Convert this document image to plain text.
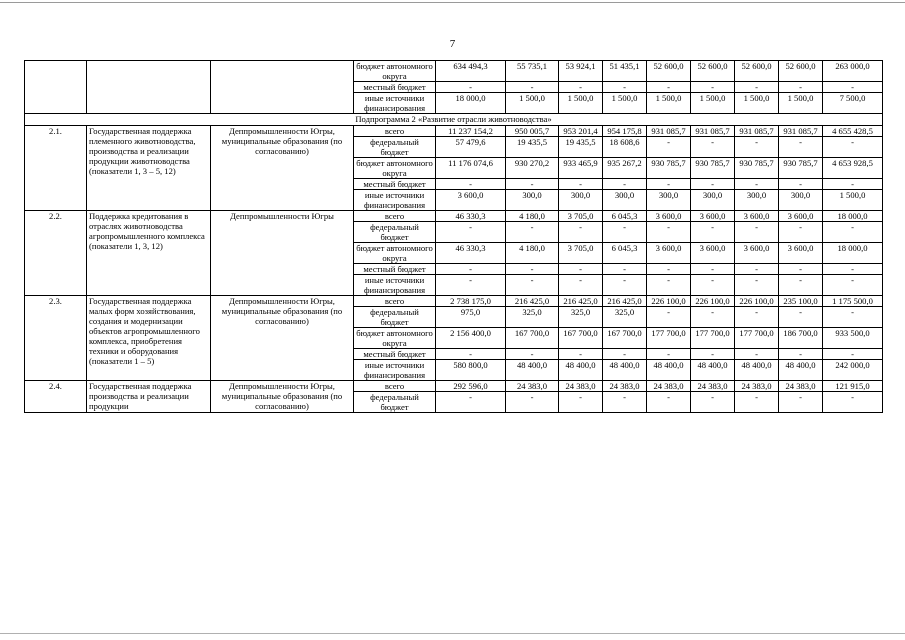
7
			бюджет автономного округа	634 494,3	55 735,1	53 924,1	51 435,1	52 600,0	52 600,0	52 600,0	52 600,0	263 000,0
			местный бюджет	-	-	-	-	-	-	-	-	-
			иные источники финансирования	18 000,0	1 500,0	1 500,0	1 500,0	1 500,0	1 500,0	1 500,0	1 500,0	7 500,0
Подпрограмма 2 «Развитие отрасли животноводства»												
2.1.	Государственная поддержка племенного животноводства, производства и реализации продукции животноводства (показатели 1, 3 – 5, 12)	Деппромышленности Югры, муниципальные образования (по согласованию)	всего	11 237 154,2	950 005,7	953 201,4	954 175,8	931 085,7	931 085,7	931 085,7	931 085,7	4 655 428,5
			федеральный бюджет	57 479,6	19 435,5	19 435,5	18 608,6	-	-	-	-	-
			бюджет автономного округа	11 176 074,6	930 270,2	933 465,9	935 267,2	930 785,7	930 785,7	930 785,7	930 785,7	4 653 928,5
			местный бюджет	-	-	-	-	-	-	-	-	-
			иные источники финансирования	3 600,0	300,0	300,0	300,0	300,0	300,0	300,0	300,0	1 500,0
2.2.	Поддержка кредитования в отраслях животноводства агропромышленного комплекса (показатели 1, 3, 12)	Деппромышленности Югры	всего	46 330,3	4 180,0	3 705,0	6 045,3	3 600,0	3 600,0	3 600,0	3 600,0	18 000,0
			федеральный бюджет	-	-	-	-	-	-	-	-	-
			бюджет автономного округа	46 330,3	4 180,0	3 705,0	6 045,3	3 600,0	3 600,0	3 600,0	3 600,0	18 000,0
			местный бюджет	-	-	-	-	-	-	-	-	-
			иные источники финансирования	-	-	-	-	-	-	-	-	-
2.3.	Государственная поддержка малых форм хозяйствования, создания и модернизации объектов агропромышленного комплекса, приобретения техники и оборудования (показатели 1 – 5)	Деппромышленности Югры, муниципальные образования (по согласованию)	всего	2 738 175,0	216 425,0	216 425,0	216 425,0	226 100,0	226 100,0	226 100,0	235 100,0	1 175 500,0
			федеральный бюджет	975,0	325,0	325,0	325,0	-	-	-	-	-
			бюджет автономного округа	2 156 400,0	167 700,0	167 700,0	167 700,0	177 700,0	177 700,0	177 700,0	186 700,0	933 500,0
			местный бюджет	-	-	-	-	-	-	-	-	-
			иные источники финансирования	580 800,0	48 400,0	48 400,0	48 400,0	48 400,0	48 400,0	48 400,0	48 400,0	242 000,0
2.4.	Государственная поддержка производства и реализации продукции	Деппромышленности Югры, муниципальные образования (по согласованию)	всего	292 596,0	24 383,0	24 383,0	24 383,0	24 383,0	24 383,0	24 383,0	24 383,0	121 915,0
			федеральный бюджет	-	-	-	-	-	-	-	-	-
